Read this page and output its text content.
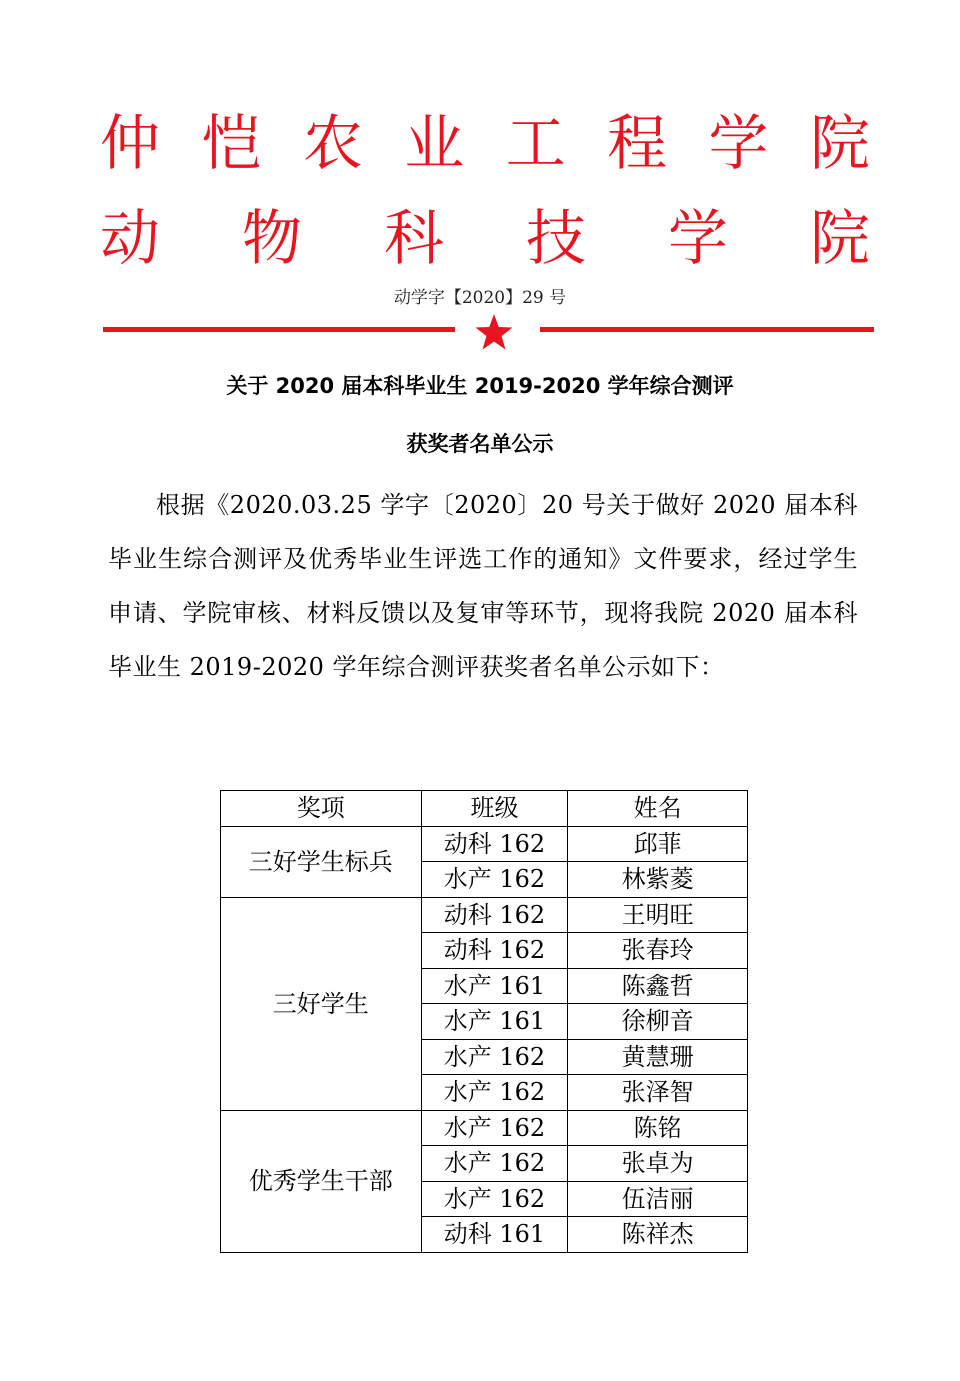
仲 恺 农 业 工 程 学 院
动 物 科 技 学 院
动学字【2020】29 号
关于 2020 届本科毕业生 2019-2020 学年综合测评
获奖者名单公示

根据《2020.03.25 学字〔2020〕20 号关于做好 2020 届本科毕业生综合测评及优秀毕业生评选工作的通知》文件要求，经过学生申请、学院审核、材料反馈以及复审等环节，现将我院 2020 届本科毕业生 2019-2020 学年综合测评获奖者名单公示如下：

奖项	班级	姓名
三好学生标兵	动科 162	邱菲
	水产 162	林紫菱
三好学生	动科 162	王明旺
	动科 162	张春玲
	水产 161	陈鑫哲
	水产 161	徐柳音
	水产 162	黄慧珊
	水产 162	张泽智
优秀学生干部	水产 162	陈铭
	水产 162	张卓为
	水产 162	伍洁丽
	动科 161	陈祥杰
